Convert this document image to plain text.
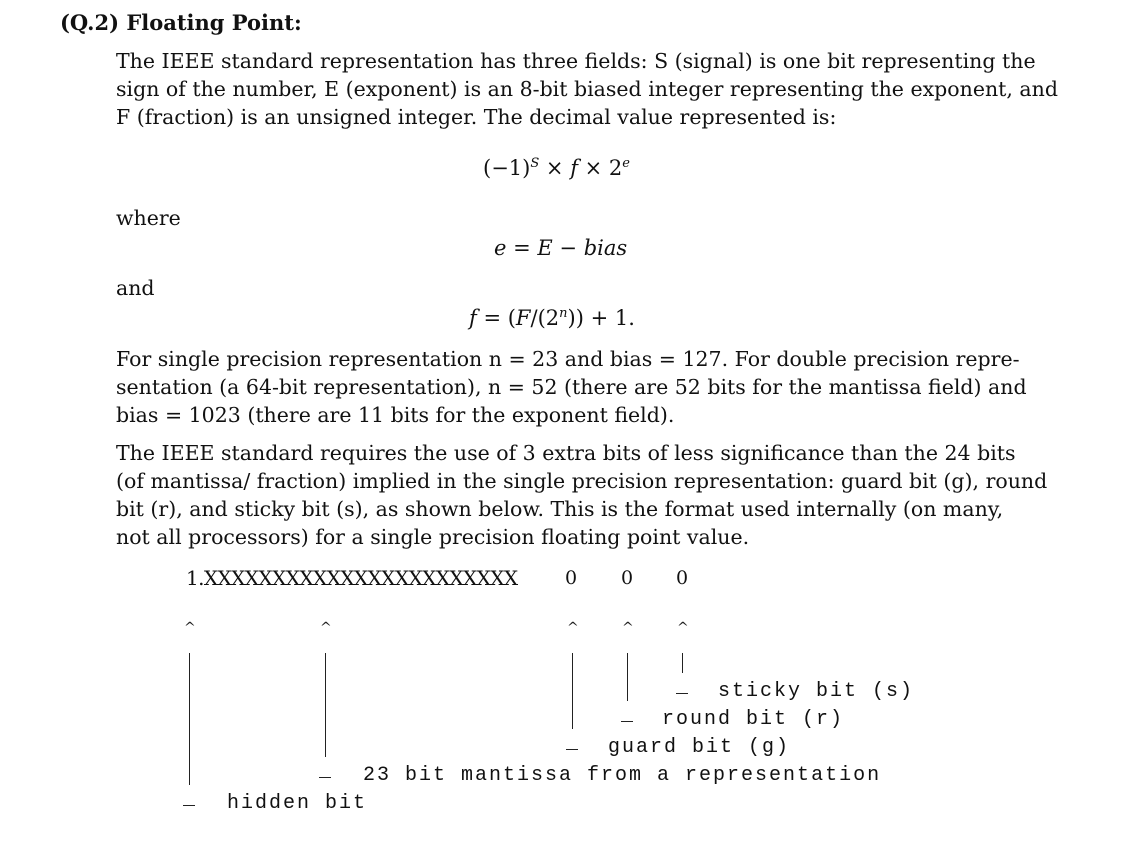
(Q.2) Floating Point:
The IEEE standard representation has three fields: S (signal) is one bit representing the
sign of the number, E (exponent) is an 8-bit biased integer representing the exponent, and
F (fraction) is an unsigned integer. The decimal value represented is:
$(-1)^S \times f \times 2^e$
where
e = E − bias
and
$f = (F/(2^n)) + 1$.
For single precision representation n = 23 and bias = 127. For double precision repre-
sentation (a 64-bit representation), n = 52 (there are 52 bits for the mantissa field) and
bias = 1023 (there are 11 bits for the exponent field).
The IEEE standard requires the use of 3 extra bits of less significance than the 24 bits
(of mantissa/ fraction) implied in the single precision representation: guard bit (g), round
bit (r), and sticky bit (s), as shown below. This is the format used internally (on many,
not all processors) for a single precision floating point value.
1.XXXXXXXXXXXXXXXXXXXXXXX 0 0 0
^	^	^	^	^
sticky bit (s)
round bit (r)
guard bit (g)
23 bit mantissa from a representation
hidden bit
